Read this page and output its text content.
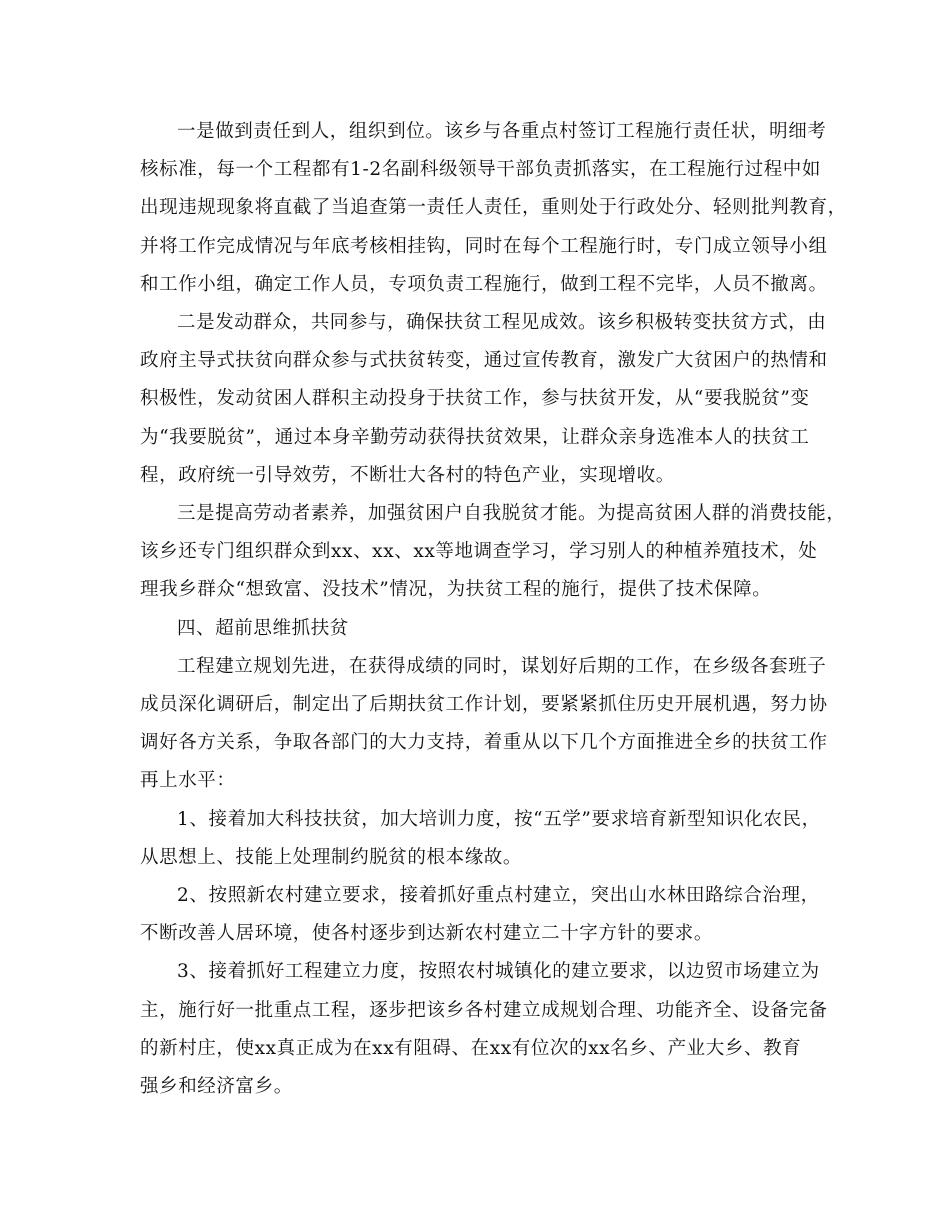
一是做到责任到人，组织到位。该乡与各重点村签订工程施行责任状，明细考
核标准，每一个工程都有1-2名副科级领导干部负责抓落实，在工程施行过程中如
出现违规现象将直截了当追查第一责任人责任，重则处于行政处分、轻则批判教育，
并将工作完成情况与年底考核相挂钩，同时在每个工程施行时，专门成立领导小组
和工作小组，确定工作人员，专项负责工程施行，做到工程不完毕，人员不撤离。
二是发动群众，共同参与，确保扶贫工程见成效。该乡积极转变扶贫方式，由
政府主导式扶贫向群众参与式扶贫转变，通过宣传教育，激发广大贫困户的热情和
积极性，发动贫困人群积主动投身于扶贫工作，参与扶贫开发，从“要我脱贫”变
为“我要脱贫”，通过本身辛勤劳动获得扶贫效果，让群众亲身选准本人的扶贫工
程，政府统一引导效劳，不断壮大各村的特色产业，实现增收。
三是提高劳动者素养，加强贫困户自我脱贫才能。为提高贫困人群的消费技能，
该乡还专门组织群众到xx、xx、xx等地调查学习，学习别人的种植养殖技术，处
理我乡群众“想致富、没技术”情况，为扶贫工程的施行，提供了技术保障。
四、超前思维抓扶贫
工程建立规划先进，在获得成绩的同时，谋划好后期的工作，在乡级各套班子
成员深化调研后，制定出了后期扶贫工作计划，要紧紧抓住历史开展机遇，努力协
调好各方关系，争取各部门的大力支持，着重从以下几个方面推进全乡的扶贫工作
再上水平：
1、接着加大科技扶贫，加大培训力度，按“五学”要求培育新型知识化农民，
从思想上、技能上处理制约脱贫的根本缘故。
2、按照新农村建立要求，接着抓好重点村建立，突出山水林田路综合治理，
不断改善人居环境，使各村逐步到达新农村建立二十字方针的要求。
3、接着抓好工程建立力度，按照农村城镇化的建立要求，以边贸市场建立为
主，施行好一批重点工程，逐步把该乡各村建立成规划合理、功能齐全、设备完备
的新村庄，使xx真正成为在xx有阻碍、在xx有位次的xx名乡、产业大乡、教育
强乡和经济富乡。
